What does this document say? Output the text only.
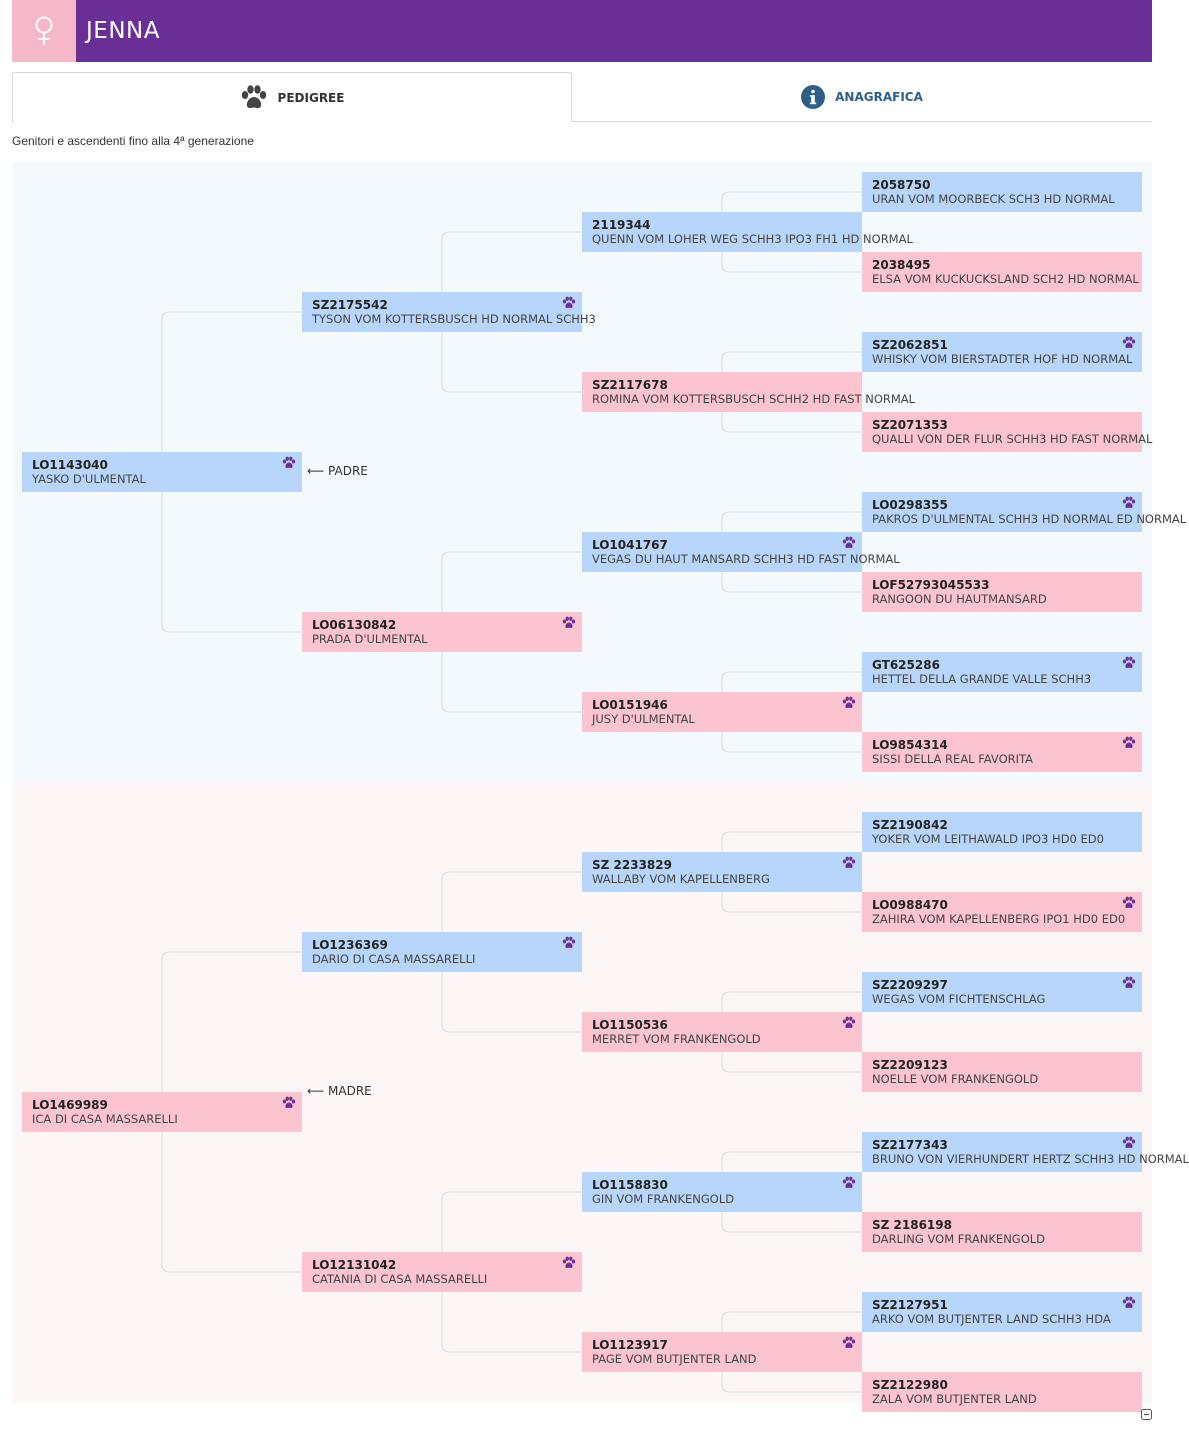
JENNA
PEDIGREE	ANAGRAFICA
Genitori e ascendenti fino alla 4ª generazione
LO1143040
YASKO D'ULMENTAL
LO1469989
ICA DI CASA MASSARELLI
SZ2175542
TYSON VOM KOTTERSBUSCH HD NORMAL SCHH3
LO06130842
PRADA D'ULMENTAL
LO1236369
DARIO DI CASA MASSARELLI
LO12131042
CATANIA DI CASA MASSARELLI
2119344
QUENN VOM LOHER WEG SCHH3 IPO3 FH1 HD NORMAL
SZ2117678
ROMINA VOM KOTTERSBUSCH SCHH2 HD FAST NORMAL
LO1041767
VEGAS DU HAUT MANSARD SCHH3 HD FAST NORMAL
LO0151946
JUSY D'ULMENTAL
SZ 2233829
WALLABY VOM KAPELLENBERG
LO1150536
MERRET VOM FRANKENGOLD
LO1158830
GIN VOM FRANKENGOLD
LO1123917
PAGE VOM BUTJENTER LAND
2058750
URAN VOM MOORBECK SCH3 HD NORMAL
2038495
ELSA VOM KUCKUCKSLAND SCH2 HD NORMAL
SZ2062851
WHISKY VOM BIERSTADTER HOF HD NORMAL
SZ2071353
QUALLI VON DER FLUR SCHH3 HD FAST NORMAL
LO0298355
PAKROS D'ULMENTAL SCHH3 HD NORMAL ED NORMAL
LOF52793045533
RANGOON DU HAUTMANSARD
GT625286
HETTEL DELLA GRANDE VALLE SCHH3
LO9854314
SISSI DELLA REAL FAVORITA
SZ2190842
YOKER VOM LEITHAWALD IPO3 HD0 ED0
LO0988470
ZAHIRA VOM KAPELLENBERG IPO1 HD0 ED0
SZ2209297
WEGAS VOM FICHTENSCHLAG
SZ2209123
NOELLE VOM FRANKENGOLD
SZ2177343
BRUNO VON VIERHUNDERT HERTZ SCHH3 HD NORMAL
SZ 2186198
DARLING VOM FRANKENGOLD
SZ2127951
ARKO VOM BUTJENTER LAND SCHH3 HDA
SZ2122980
ZALA VOM BUTJENTER LAND
⟵ PADRE
⟵ MADRE
